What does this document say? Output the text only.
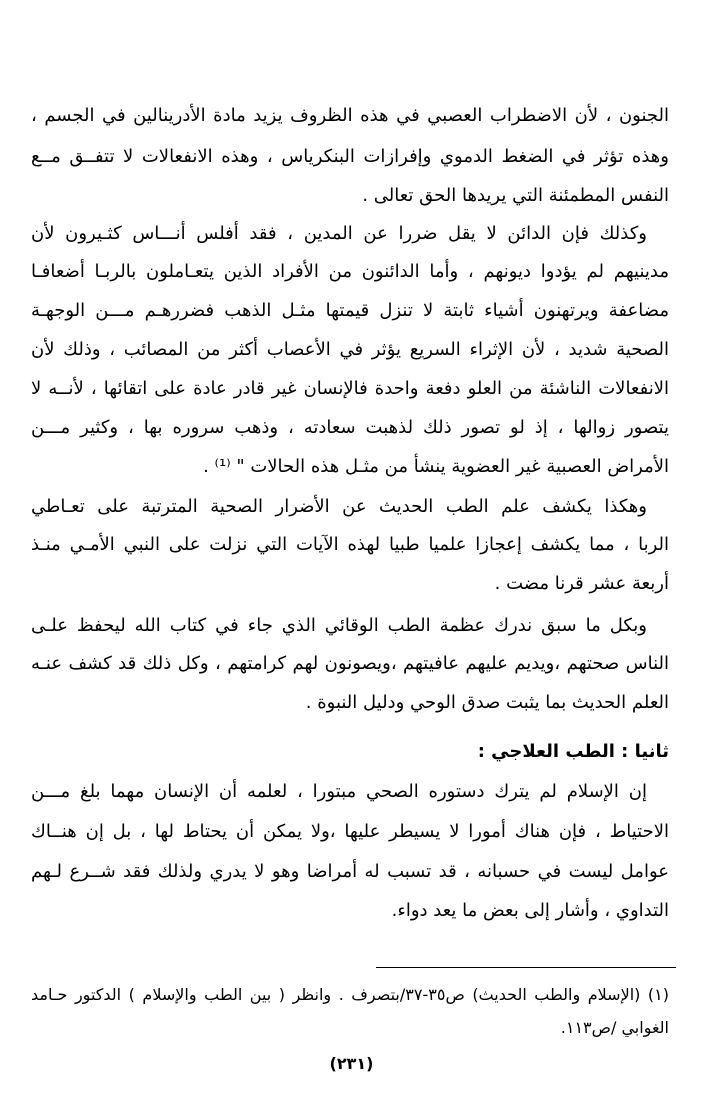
الجنون ، لأن الاضطراب العصبي في هذه الظروف يزيد مادة الأدرينالين في الجسم ،
وهذه تؤثر في الضغط الدموي وإفرازات البنكرياس ، وهذه الانفعالات لا تتفــق مــع
النفس المطمئنة التي يريدها الحق تعالى .
وكذلك فإن الدائن لا يقل ضررا عن المدين ، فقد أفلس أنـــاس كثـيرون لأن
مدينيهم لم يؤدوا ديونهم ، وأما الدائنون من الأفراد الذين يتعـاملون بالربـا أضعافـا
مضاعفة ويرتهنون أشياء ثابتة لا تنزل قيمتها مثـل الذهب فضررهـم مـــن الوجهـة
الصحية شديد ، لأن الإثراء السريع يؤثر في الأعصاب أكثر من المصائب ، وذلك لأن
الانفعالات الناشئة من العلو دفعة واحدة فالإنسان غير قادر عادة على اتقائها ، لأنــه لا
يتصور زوالها ، إذ لو تصور ذلك لذهبت سعادته ، وذهب سروره بها ، وكثير مـــن
الأمراض العصبية غير العضوية ينشأ من مثـل هذه الحالات " ⁽¹⁾ .
وهكذا يكشف علم الطب الحديث عن الأضرار الصحية المترتبة على تعـاطي
الربا ، مما يكشف إعجازا علميا طبيا لهذه الآيات التي نزلت على النبي الأمـي منـذ
أربعة عشر قرنا مضت .
وبكل ما سبق ندرك عظمة الطب الوقائي الذي جاء في كتاب الله ليحفظ علـى
الناس صحتهم ،ويديم عليهم عافيتهم ،ويصونون لهم كرامتهم ، وكل ذلك قد كشف عنـه
العلم الحديث بما يثبت صدق الوحي ودليل النبوة .
ثانيا : الطب العلاجي :
إن الإسلام لم يترك دستوره الصحي مبتورا ، لعلمه أن الإنسان مهما بلغ مـــن
الاحتياط ، فإن هناك أمورا لا يسيطر عليها ،ولا يمكن أن يحتاط لها ، بل إن هنــاك
عوامل ليست في حسبانه ، قد تسبب له أمراضا وهو لا يدري ولذلك فقد شــرع لـهم
التداوي ، وأشار إلى بعض ما يعد دواء.
(١) (الإسلام والطب الحديث) ص٣٥-٣٧/بتصرف . وانظر ( بين الطب والإسلام ) الدكتور حـامد
الغوابي /ص١١٣.
(٢٣١)
